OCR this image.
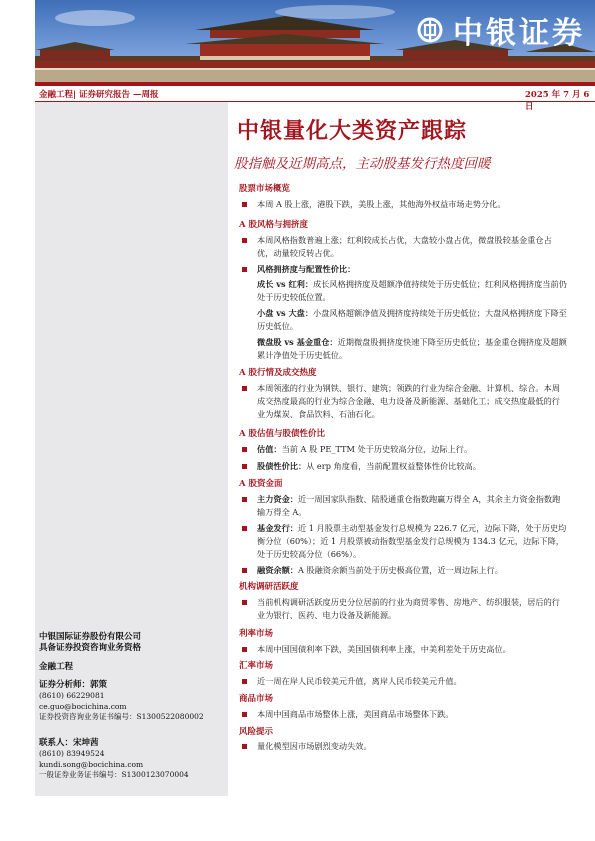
中银证券
金融工程| 证券研究报告 —周报	2025 年 7 月 6 日
中银国际证券股份有限公司
具备证券投资咨询业务资格
金融工程
证券分析师：郭策
(8610) 66229081
ce.guo@bocichina.com
证券投资咨询业务证书编号：S1300522080002
联系人：宋坤茜
(8610) 83949524
kundi.song@bocichina.com
一般证券业务证书编号：S1300123070004
中银量化大类资产跟踪
股指触及近期高点，主动股基发行热度回暖
股票市场概览
本周 A 股上涨，港股下跌，美股上涨，其他海外权益市场走势分化。
A 股风格与拥挤度
本周风格指数普遍上涨；红利较成长占优，大盘较小盘占优，微盘股较基金重仓占优，动量较反转占优。
风格拥挤度与配置性价比：
成长 vs 红利：成长风格拥挤度及超额净值持续处于历史低位；红利风格拥挤度当前仍处于历史较低位置。
小盘 vs 大盘：小盘风格超额净值及拥挤度持续处于历史低位；大盘风格拥挤度下降至历史低位。
微盘股 vs 基金重仓：近期微盘股拥挤度快速下降至历史低位；基金重仓拥挤度及超额累计净值处于历史低位。
A 股行情及成交热度
本周领涨的行业为钢铁、银行、建筑；领跌的行业为综合金融、计算机、综合。本周成交热度最高的行业为综合金融、电力设备及新能源、基础化工；成交热度最低的行业为煤炭、食品饮料、石油石化。
A 股估值与股债性价比
估值：当前 A 股 PE_TTM 处于历史较高分位，边际上行。
股债性价比：从 erp 角度看，当前配置权益整体性价比较高。
A 股资金面
主力资金：近一周国家队指数、陆股通重仓指数跑赢万得全 A，其余主力资金指数跑输万得全 A。
基金发行：近 1 月股票主动型基金发行总规模为 226.7 亿元，边际下降，处于历史均衡分位（60%）；近 1 月股票被动指数型基金发行总规模为 134.3 亿元，边际下降，处于历史较高分位（66%）。
融资余额：A 股融资余额当前处于历史极高位置，近一周边际上行。
机构调研活跃度
当前机构调研活跃度历史分位居前的行业为商贸零售、房地产、纺织服装，居后的行业为银行、医药、电力设备及新能源。
利率市场
本周中国国债利率下跌，美国国债利率上涨，中美利差处于历史高位。
汇率市场
近一周在岸人民币较美元升值，离岸人民币较美元升值。
商品市场
本周中国商品市场整体上涨，美国商品市场整体下跌。
风险提示
量化模型因市场剧烈变动失效。
